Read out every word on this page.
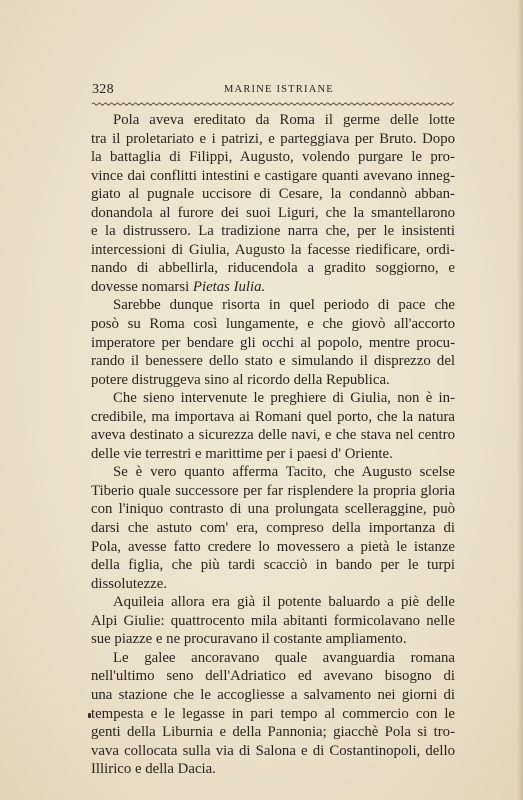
328	MARINE ISTRIANE
Pola aveva ereditato da Roma il germe delle lotte
tra il proletariato e i patrizi, e parteggiava per Bruto. Dopo
la battaglia di Filippi, Augusto, volendo purgare le pro-
vince dai conflitti intestini e castigare quanti avevano inneg-
giato al pugnale uccisore di Cesare, la condannò abban-
donandola al furore dei suoi Liguri, che la smantellarono
e la distrussero. La tradizione narra che, per le insistenti
intercessioni di Giulia, Augusto la facesse riedificare, ordi-
nando di abbellirla, riducendola a gradito soggiorno, e
dovesse nomarsi Pietas Iulia.
Sarebbe dunque risorta in quel periodo di pace che
posò su Roma così lungamente, e che giovò all'accorto
imperatore per bendare gli occhi al popolo, mentre procu-
rando il benessere dello stato e simulando il disprezzo del
potere distruggeva sino al ricordo della Republica.
Che sieno intervenute le preghiere di Giulia, non è in-
credibile, ma importava ai Romani quel porto, che la natura
aveva destinato a sicurezza delle navi, e che stava nel centro
delle vie terrestri e marittime per i paesi d' Oriente.
Se è vero quanto afferma Tacito, che Augusto scelse
Tiberio quale successore per far risplendere la propria gloria
con l'iniquo contrasto di una prolungata scelleraggine, può
darsi che astuto com' era, compreso della importanza di
Pola, avesse fatto credere lo movessero a pietà le istanze
della figlia, che più tardi scacciò in bando per le turpi
dissolutezze.
Aquileia allora era già il potente baluardo a piè delle
Alpi Giulie: quattrocento mila abitanti formicolavano nelle
sue piazze e ne procuravano il costante ampliamento.
Le galee ancoravano quale avanguardia romana
nell'ultimo seno dell'Adriatico ed avevano bisogno di
una stazione che le accogliesse a salvamento nei giorni di
tempesta e le legasse in pari tempo al commercio con le
genti della Liburnia e della Pannonia; giacchè Pola si tro-
vava collocata sulla via di Salona e di Costantinopoli, dello
Illirico e della Dacia.
